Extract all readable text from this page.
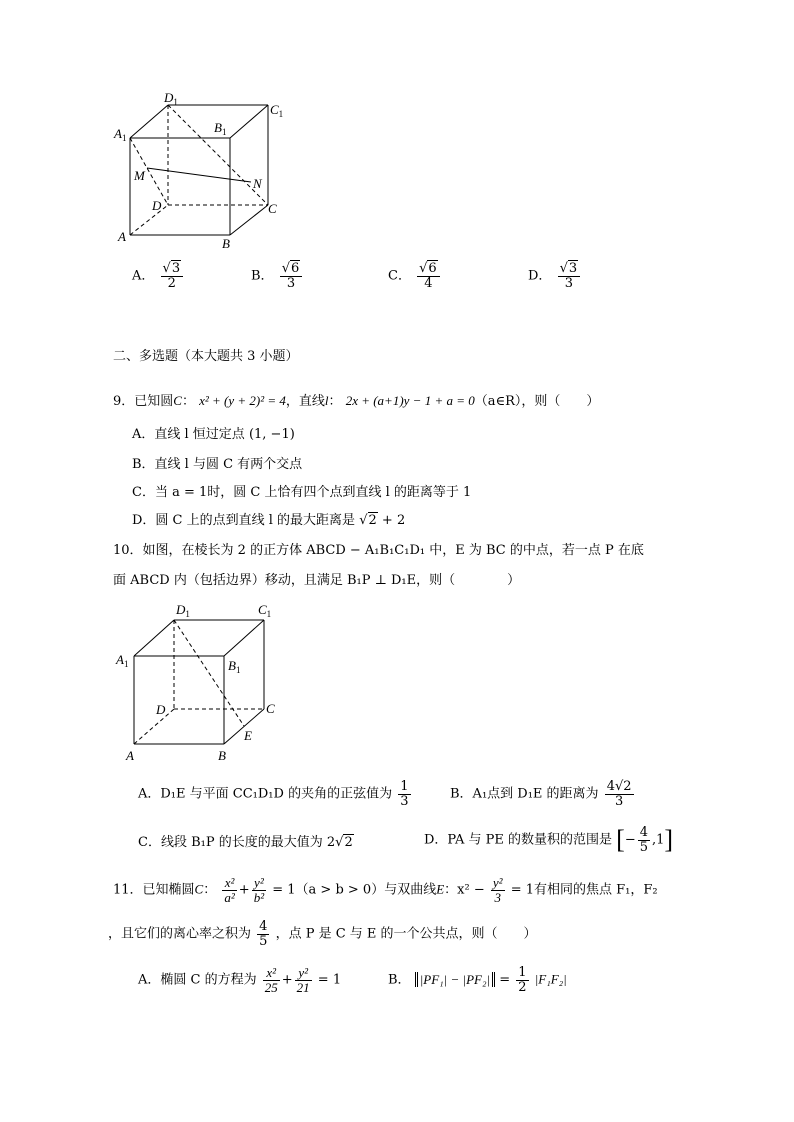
$D_1$	$C_1$
$A_1$
$B_1$
M
N
D	C
A	B
A． $\frac{√3}{2}$	B． $\frac{√6}{3}$	C． $\frac{√6}{4}$	D． $\frac{√3}{3}$
二、多选题（本大题共 3 小题）
9．已知圆C： x² + (y + 2)² = 4，直线l： 2x + (a+1)y − 1 + a = 0（a∈R），则（　　）
A．直线 l 恒过定点 (1, −1)
B．直线 l 与圆 C 有两个交点
C．当 a = 1时，圆 C 上恰有四个点到直线 l 的距离等于 1
D．圆 C 上的点到直线 l 的最大距离是 √2 + 2
10．如图，在棱长为 2 的正方体 ABCD − A₁B₁C₁D₁ 中，E 为 BC 的中点，若一点 P 在底
面 ABCD 内（包括边界）移动，且满足 B₁P ⊥ D₁E，则（　　　　）
$D_1$	$C_1$
$A_1$	$B_1$
D	C
E
A	B
A．D₁E 与平面 CC₁D₁D 的夹角的正弦值为 $\frac{1}{3}$	B．A₁点到 D₁E 的距离为 $\frac{4√2}{3}$
C．线段 B₁P 的长度的最大值为 2√2	D．PA 与 PE 的数量积的范围是 [− $\frac{4}{5} ,1$]
11．已知椭圆C： $\frac{\text{x²}}{\text{a²}} + \frac{\text{y²}}{\text{b²}} = 1(a > b > 0)$与双曲线E：$x^2 - \frac{\text{y²}}{3} = 1$有相同的焦点 F₁，F₂
，且它们的离心率之积为 $\frac{4}{5}$ ，点 P 是 C 与 E 的一个公共点，则（　　）
A．椭圆 C 的方程为 $\frac{\text{x²}}{25} + \frac{\text{y²}}{21} = 1$	B． $|PF_1| - |PF_2| = \frac{1}{2} |F_1F_2|$
